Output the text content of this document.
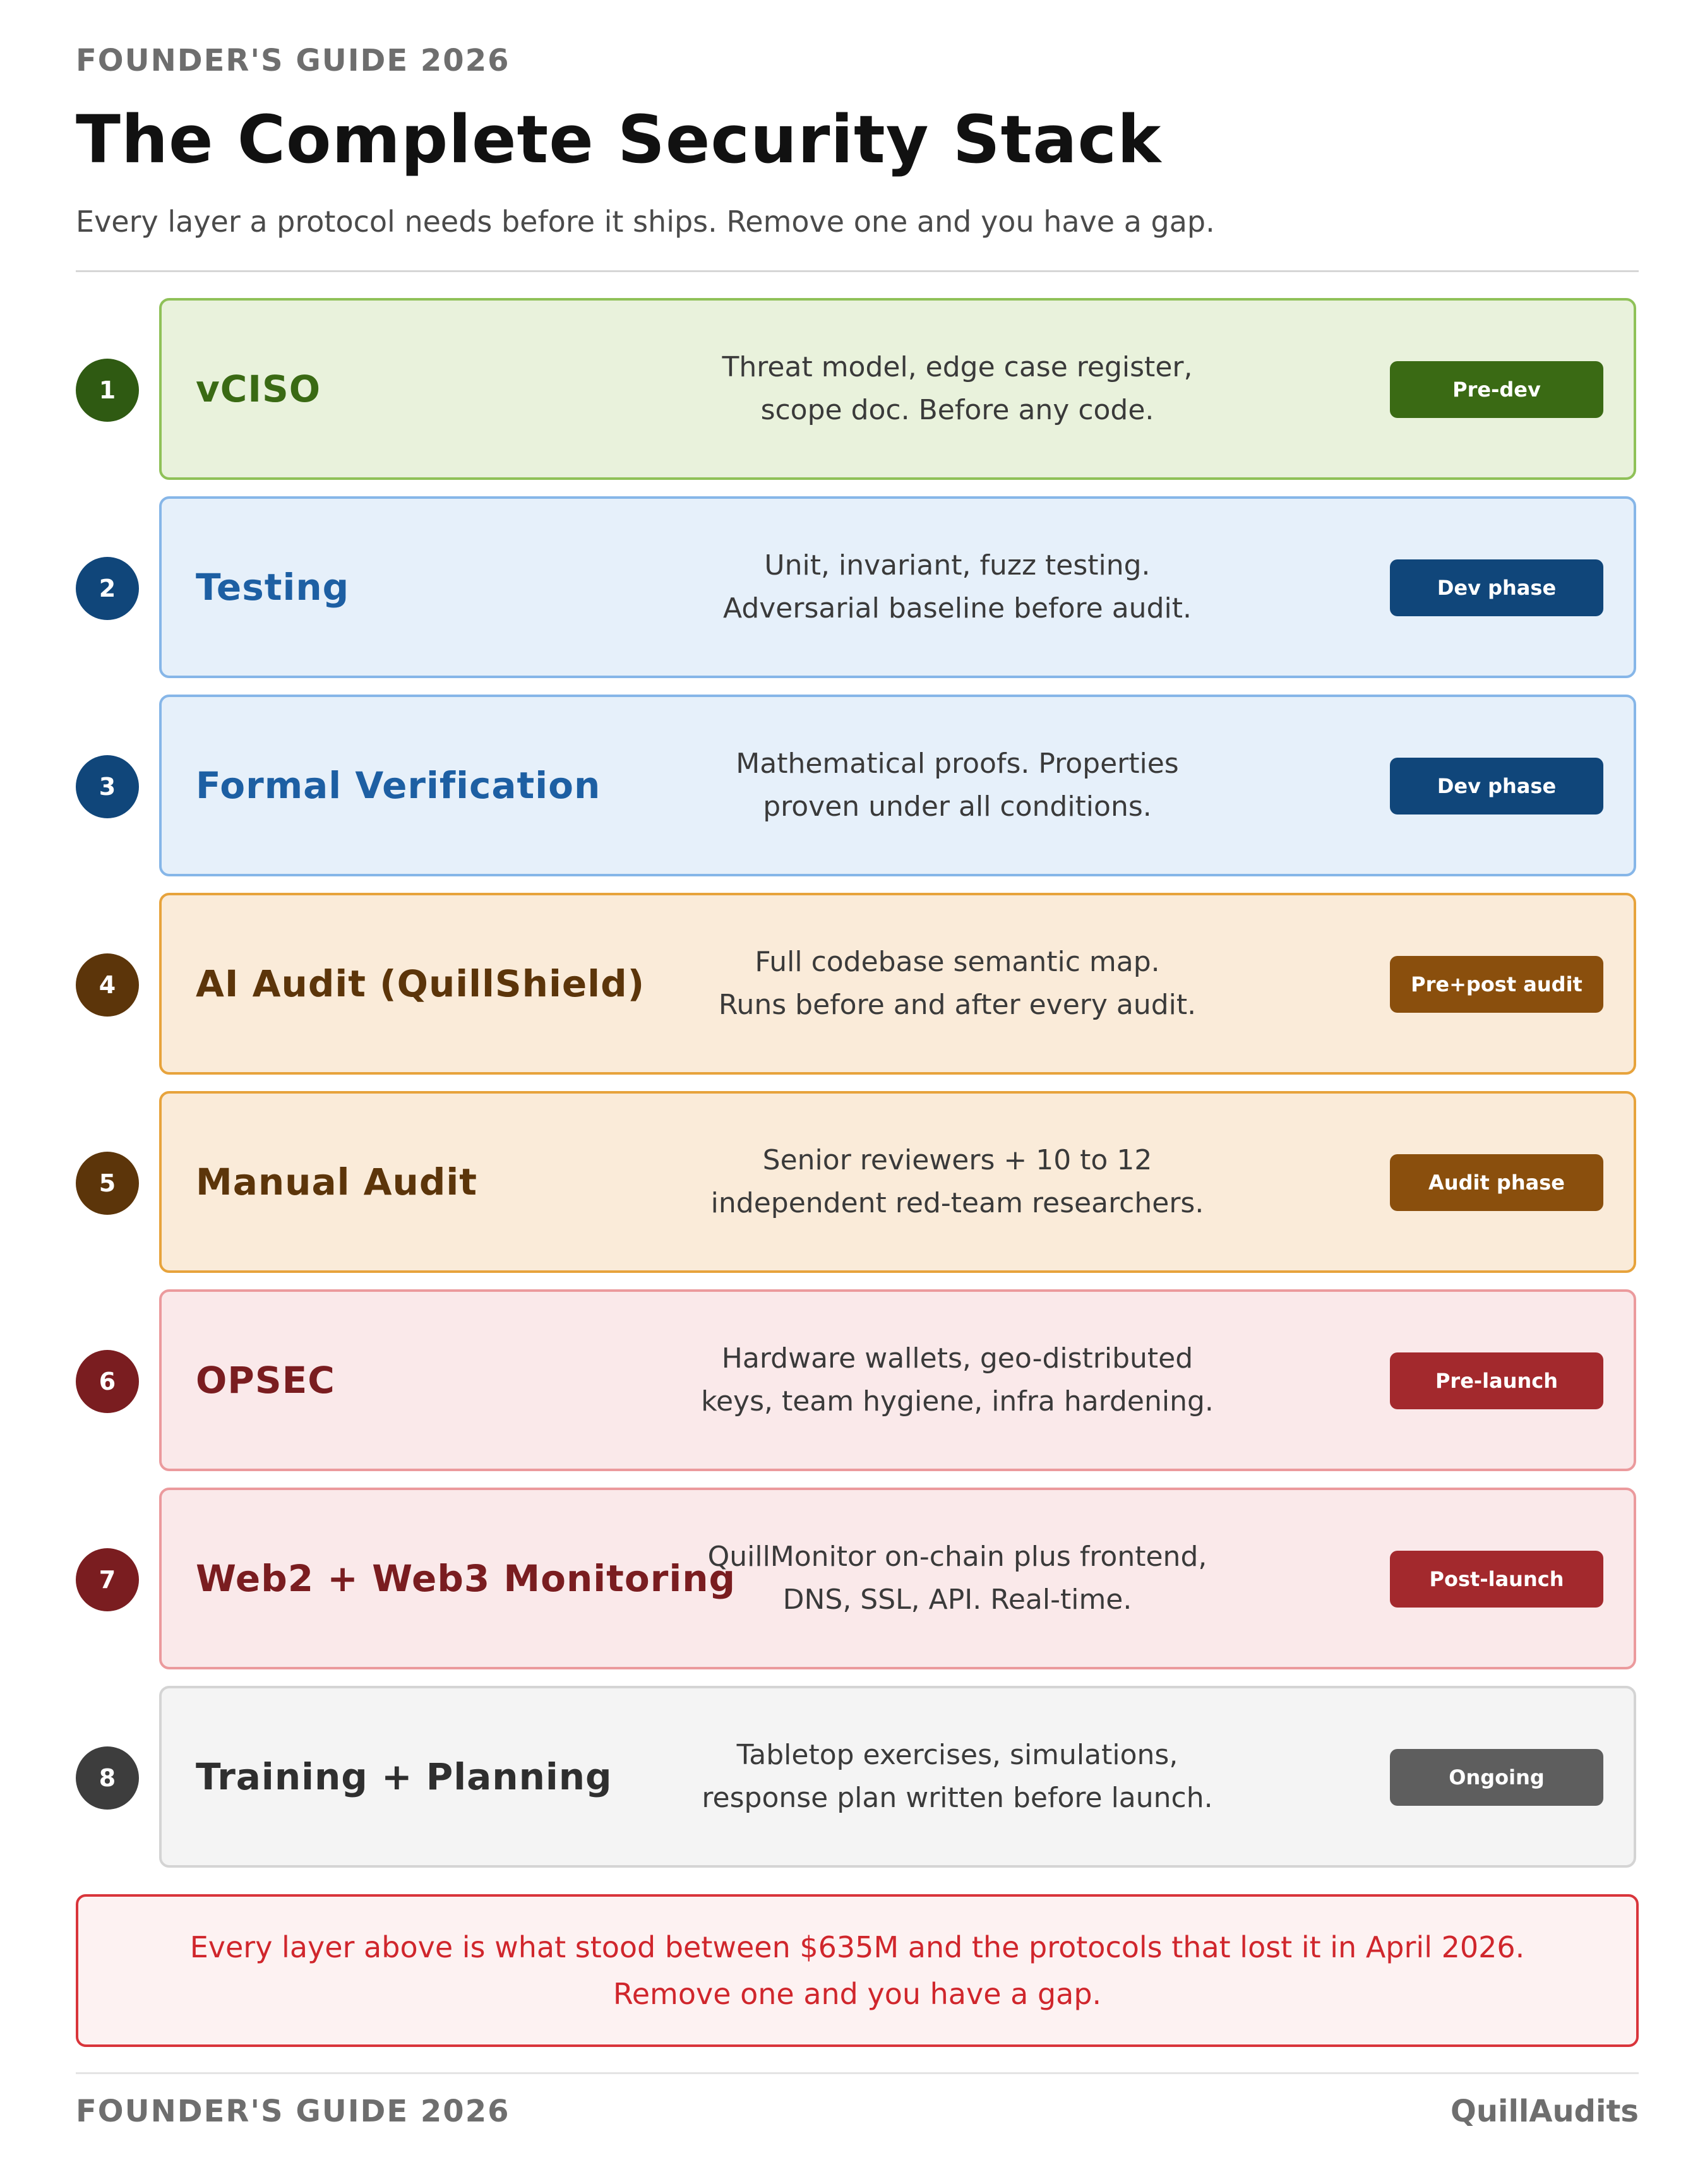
FOUNDER'S GUIDE 2026
The Complete Security Stack
Every layer a protocol needs before it ships. Remove one and you have a gap.
1	vCISO
Threat model, edge case register,
scope doc. Before any code.
Pre-dev
2	Testing
Unit, invariant, fuzz testing.
Adversarial baseline before audit.
Dev phase
3	Formal Verification
Mathematical proofs. Properties
proven under all conditions.
Dev phase
4	AI Audit (QuillShield)
Full codebase semantic map.
Runs before and after every audit.
Pre+post audit
5	Manual Audit
Senior reviewers + 10 to 12
independent red-team researchers.
Audit phase
6	OPSEC
Hardware wallets, geo-distributed
keys, team hygiene, infra hardening.
Pre-launch
7	Web2 + Web3 Monitoring
QuillMonitor on-chain plus frontend,
DNS, SSL, API. Real-time.
Post-launch
8	Training + Planning
Tabletop exercises, simulations,
response plan written before launch.
Ongoing
Every layer above is what stood between $635M and the protocols that lost it in April 2026.
Remove one and you have a gap.
FOUNDER'S GUIDE 2026	QuillAudits
